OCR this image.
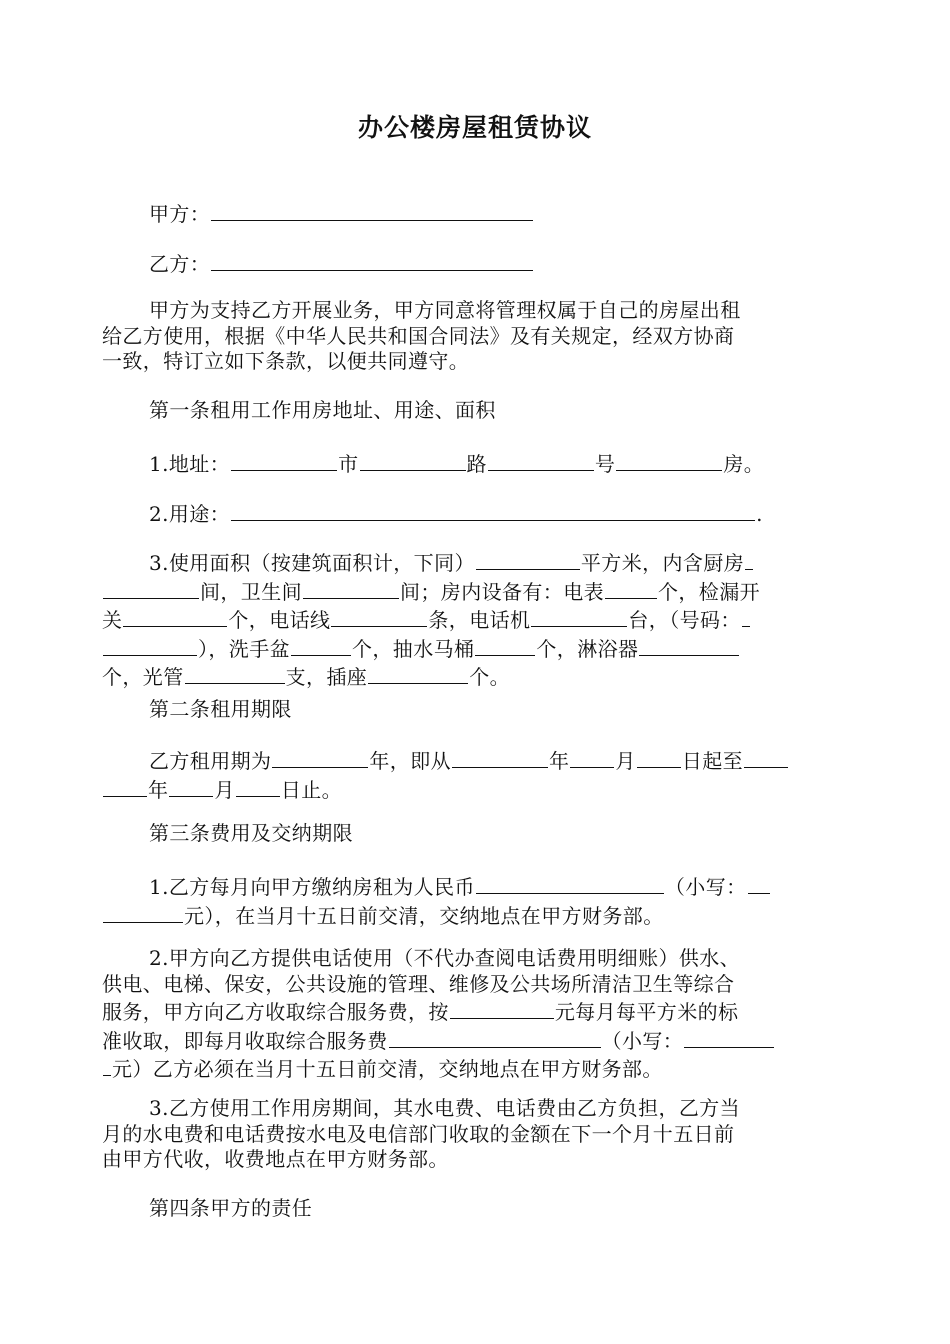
办公楼房屋租赁协议
甲方：
乙方：
甲方为支持乙方开展业务，甲方同意将管理权属于自己的房屋出租
给乙方使用，根据《中华人民共和国合同法》及有关规定，经双方协商
一致，特订立如下条款，以便共同遵守。
第一条租用工作用房地址、用途、面积
1.地址：	市	路	号	房。
2.用途：	.
3.使用面积（按建筑面积计，下同）	平方米，内含厨房
间，卫生间	间；房内设备有：电表	个，检漏开
关	个，电话线	条，电话机	台，（号码：
），洗手盆	个，抽水马桶	个，淋浴器
个，光管	支，插座	个。
第二条租用期限
乙方租用期为	年，即从	年 月 日起至
年 月 日止。
第三条费用及交纳期限
1.乙方每月向甲方缴纳房租为人民币	（小写：
元），在当月十五日前交清，交纳地点在甲方财务部。
2.甲方向乙方提供电话使用（不代办查阅电话费用明细账）供水、
供电、电梯、保安，公共设施的管理、维修及公共场所清洁卫生等综合
服务，甲方向乙方收取综合服务费，按	元每月每平方米的标
准收取，即每月收取综合服务费	（小写：
元）乙方必须在当月十五日前交清，交纳地点在甲方财务部。
3.乙方使用工作用房期间，其水电费、电话费由乙方负担，乙方当
月的水电费和电话费按水电及电信部门收取的金额在下一个月十五日前
由甲方代收，收费地点在甲方财务部。
第四条甲方的责任
